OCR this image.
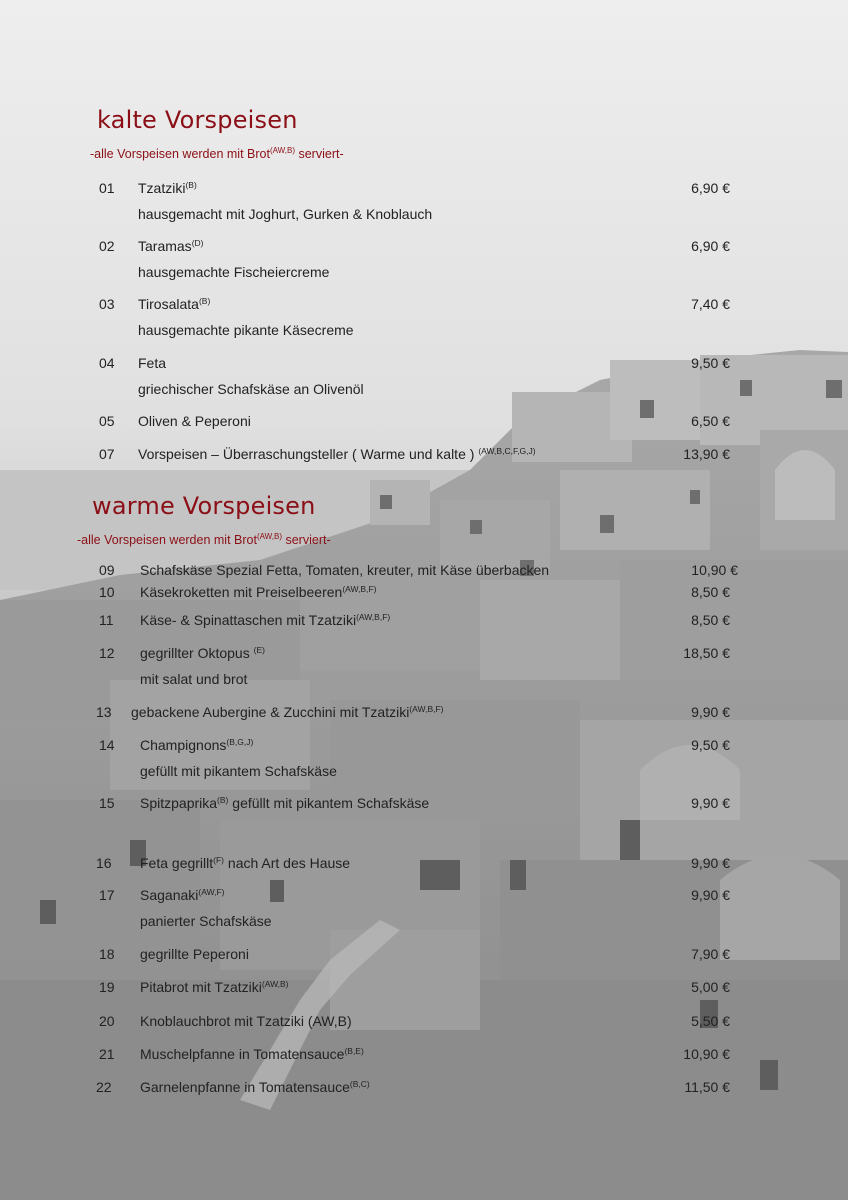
kalte Vorspeisen
-alle Vorspeisen werden mit Brot$^{(AW,B)}$ serviert-
01 Tzatziki$^{(B)}$	6,90 €
hausgemacht mit Joghurt, Gurken & Knoblauch
02 Taramas$^{(D)}$	6,90 €
hausgemachte Fischeiercreme
03 Tirosalata$^{(B)}$	7,40 €
hausgemachte pikante Käsecreme
04 Feta	9,50 €
griechischer Schafskäse an Olivenöl
05 Oliven & Peperoni	6,50 €
07 Vorspeisen – Überraschungsteller ( Warme und kalte ) $^{(AW,B,C,F,G,J)}$	13,90 €
warme Vorspeisen
-alle Vorspeisen werden mit Brot$^{(AW,B)}$ serviert-
09 Schafskäse Spezial Fetta, Tomaten, kreuter, mit Käse überbacken	10,90 €
10 Käsekroketten mit Preiselbeeren$^{(AW,B,F)}$	8,50 €
11 Käse- & Spinattaschen mit Tzatziki$^{(AW,B,F)}$	8,50 €
12 gegrillter Oktopus $^{(E)}$	18,50 €
mit salat und brot
13 gebackene Aubergine & Zucchini mit Tzatziki$^{(AW,B,F)}$	9,90 €
14 Champignons$^{(B,G,J)}$	9,50 €
gefüllt mit pikantem Schafskäse
15 Spitzpaprika$^{(B)}$ gefüllt mit pikantem Schafskäse	9,90 €
16 Feta gegrillt$^{(F)}$ nach Art des Hause	9,90 €
17 Saganaki$^{(AW,F)}$	9,90 €
panierter Schafskäse
18 gegrillte Peperoni	7,90 €
19 Pitabrot mit Tzatziki$^{(AW,B)}$	5,00 €
20 Knoblauchbrot mit Tzatziki (AW,B)	5,50 €
21 Muschelpfanne in Tomatensauce$^{(B,E)}$	10,90 €
22 Garnelenpfanne in Tomatensauce$^{(B,C)}$	11,50 €
